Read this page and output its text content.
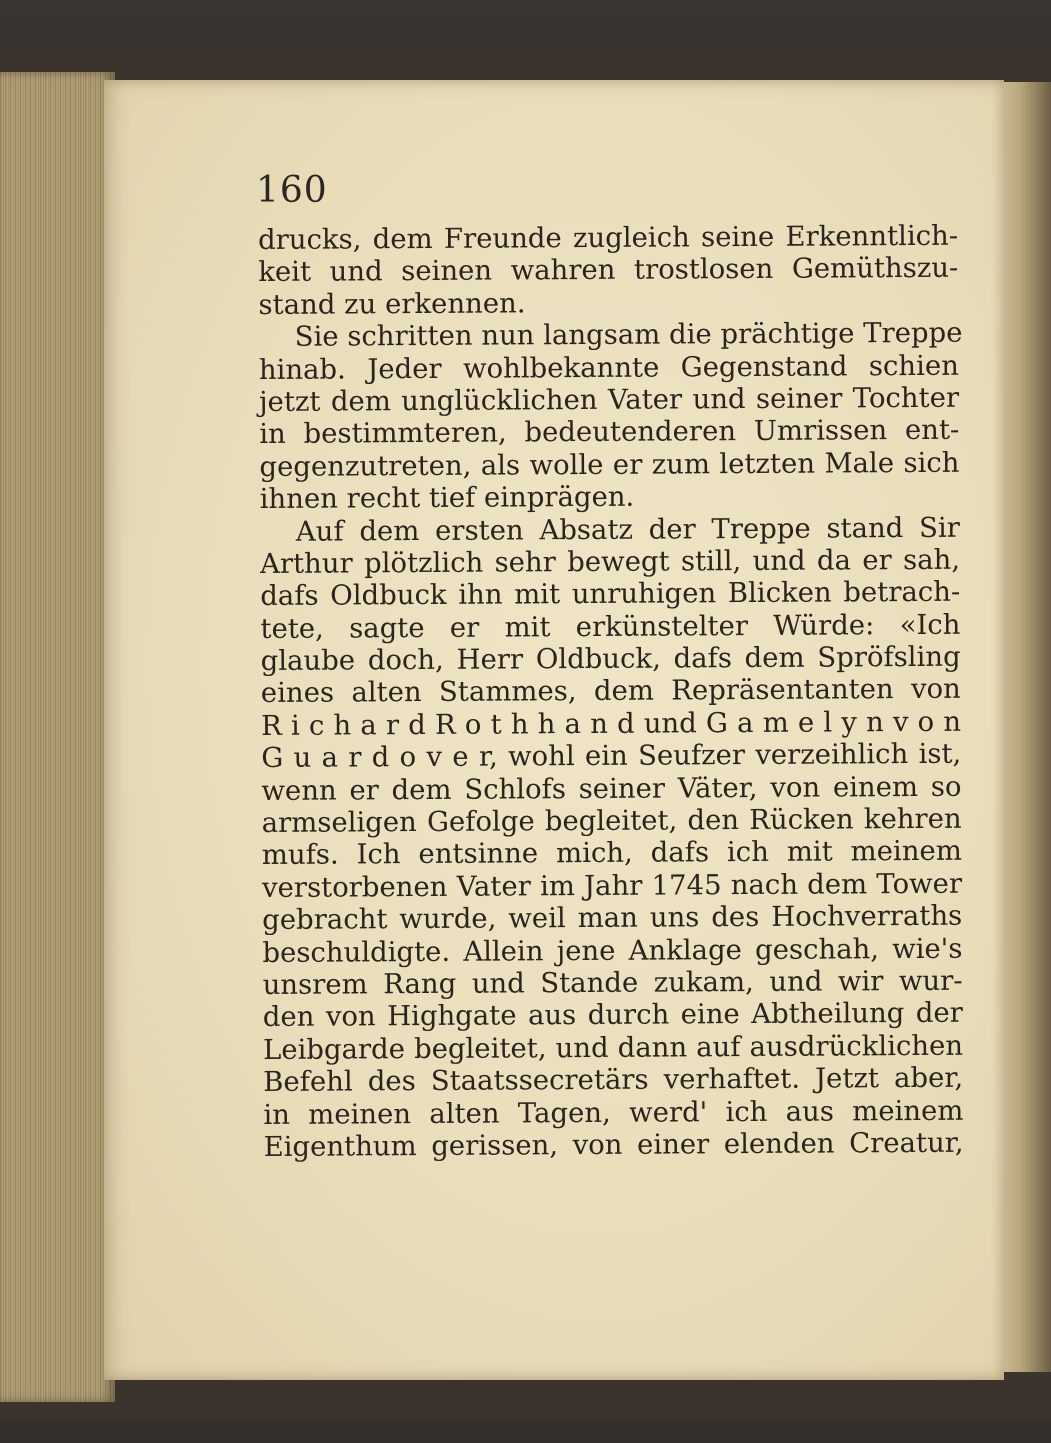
160
drucks, dem Freunde zugleich seine Erkenntlich-
keit und seinen wahren trostlosen Gemüthszu-
stand zu erkennen.
Sie schritten nun langsam die prächtige Treppe
hinab. Jeder wohlbekannte Gegenstand schien
jetzt dem unglücklichen Vater und seiner Tochter
in bestimmteren, bedeutenderen Umrissen ent-
gegenzutreten, als wolle er zum letzten Male sich
ihnen recht tief einprägen.
Auf dem ersten Absatz der Treppe stand Sir
Arthur plötzlich sehr bewegt still, und da er sah,
dafs Oldbuck ihn mit unruhigen Blicken betrach-
tete, sagte er mit erkünstelter Würde: «Ich
glaube doch, Herr Oldbuck, dafs dem Spröfsling
eines alten Stammes, dem Repräsentanten von
R i c h a r d R o t h h a n d und G a m e l y n v o n
G u a r d o v e r, wohl ein Seufzer verzeihlich ist,
wenn er dem Schlofs seiner Väter, von einem so
armseligen Gefolge begleitet, den Rücken kehren
mufs. Ich entsinne mich, dafs ich mit meinem
verstorbenen Vater im Jahr 1745 nach dem Tower
gebracht wurde, weil man uns des Hochverraths
beschuldigte. Allein jene Anklage geschah, wie's
unsrem Rang und Stande zukam, und wir wur-
den von Highgate aus durch eine Abtheilung der
Leibgarde begleitet, und dann auf ausdrücklichen
Befehl des Staatssecretärs verhaftet. Jetzt aber,
in meinen alten Tagen, werd' ich aus meinem
Eigenthum gerissen, von einer elenden Creatur,
